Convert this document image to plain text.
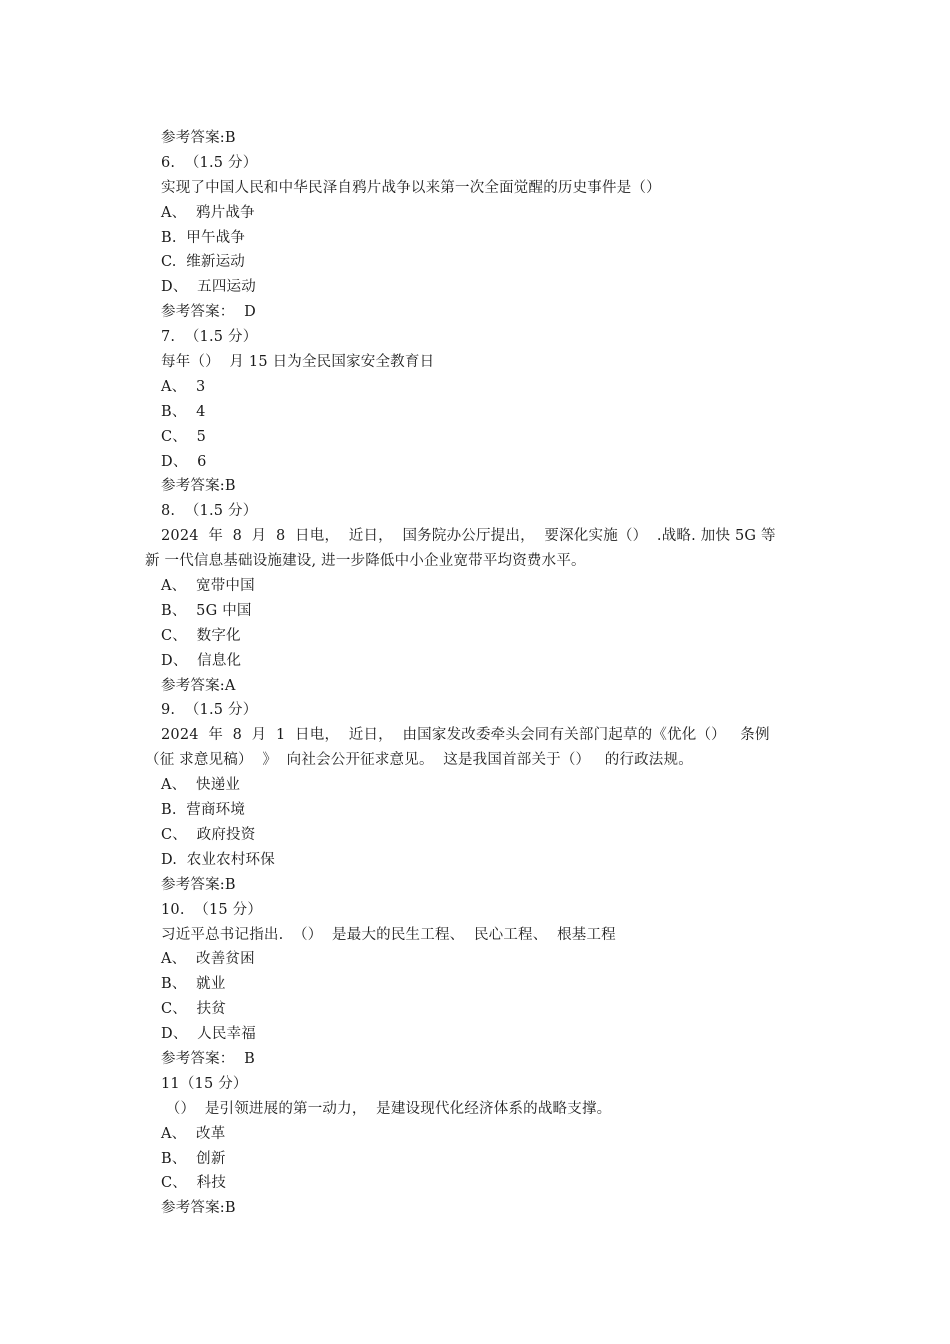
参考答案:B
6.  （1.5 分）
实现了中国人民和中华民泽自鸦片战争以来第一次全面觉醒的历史事件是（）
A、  鸦片战争
B.  甲午战争
C.  维新运动
D、  五四运动
参考答案：  D
7.  （1.5 分）
每年（）  月 15 日为全民国家安全教育日
A、  3
B、  4
C、  5
D、  6
参考答案:B
8.  （1.5 分）
2024  年  8  月  8  日电，  近日，  国务院办公厅提出，  要深化实施（）  .战略. 加快 5G 等
新 一代信息基础设施建设, 进一步降低中小企业宽带平均资费水平。
A、  宽带中国
B、  5G 中国
C、  数字化
D、  信息化
参考答案:A
9.  （1.5 分）
2024  年  8  月  1  日电，  近日，  由国家发改委牵头会同有关部门起草的《优化（）   条例
（征 求意见稿）  》  向社会公开征求意见。  这是我国首部关于（）   的行政法规。
A、  快递业
B.  营商环境
C、  政府投资
D.  农业农村环保
参考答案:B
10.  （15 分）
习近平总书记指出.  （）  是最大的民生工程、  民心工程、  根基工程
A、  改善贫困
B、  就业
C、  扶贫
D、  人民幸福
参考答案：  B
11（15 分）
（）  是引领进展的第一动力，  是建设现代化经济体系的战略支撑。
A、  改革
B、  创新
C、  科技
参考答案:B
